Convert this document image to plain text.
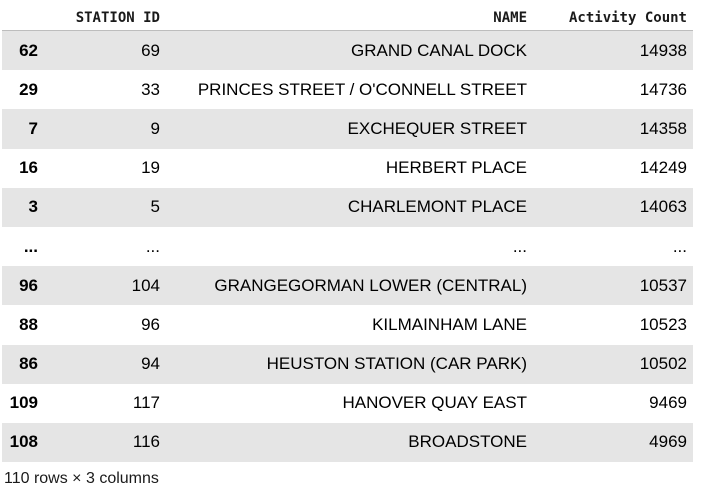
	STATION ID	NAME	Activity Count
62	69	GRAND CANAL DOCK	14938
29	33	PRINCES STREET / O'CONNELL STREET	14736
7	9	EXCHEQUER STREET	14358
16	19	HERBERT PLACE	14249
3	5	CHARLEMONT PLACE	14063
...	...	...	...
96	104	GRANGEGORMAN LOWER (CENTRAL)	10537
88	96	KILMAINHAM LANE	10523
86	94	HEUSTON STATION (CAR PARK)	10502
109	117	HANOVER QUAY EAST	9469
108	116	BROADSTONE	4969
110 rows × 3 columns
